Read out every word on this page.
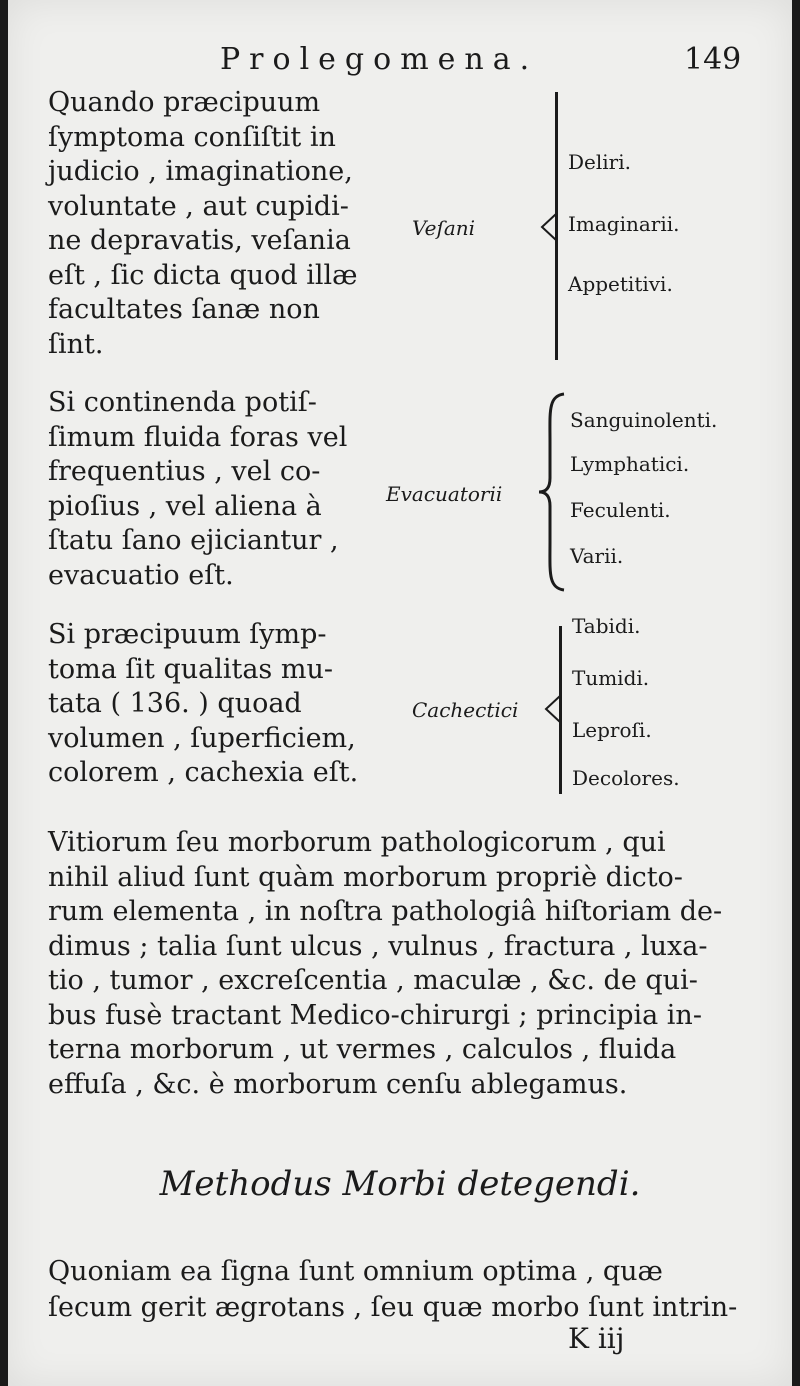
Prolegomena.	149
Quando præcipuum
ſymptoma conſiſtit in
judicio , imaginatione,
voluntate , aut cupidi-
ne depravatis, veſania
eſt , ſic dicta quod illæ
facultates ſanæ non
ſint.
Veſani
Deliri.
Imaginarii.
Appetitivi.
Si continenda potiſ-
ſimum fluida foras vel
frequentius , vel co-
pioſius , vel aliena à
ſtatu ſano ejiciantur ,
evacuatio eſt.
Evacuatorii
Sanguinolenti.
Lymphatici.
Feculenti.
Varii.
Si præcipuum ſymp-
toma ſit qualitas mu-
tata ( 136. ) quoad
volumen , ſuperficiem,
colorem , cachexia eſt.
Cachectici
Tabidi.
Tumidi.
Leproſi.
Decolores.
Vitiorum ſeu morborum pathologicorum , qui
nihil aliud ſunt quàm morborum propriè dicto-
rum elementa , in noſtra pathologiâ hiſtoriam de-
dimus ; talia ſunt ulcus , vulnus , fractura , luxa-
tio , tumor , excreſcentia , maculæ , &c. de qui-
bus fusè tractant Medico-chirurgi ; principia in-
terna morborum , ut vermes , calculos , fluida
effuſa , &c. è morborum cenſu ablegamus.
Methodus Morbi detegendi.
Quoniam ea ſigna ſunt omnium optima , quæ
ſecum gerit ægrotans , ſeu quæ morbo ſunt intrin-
K iij
